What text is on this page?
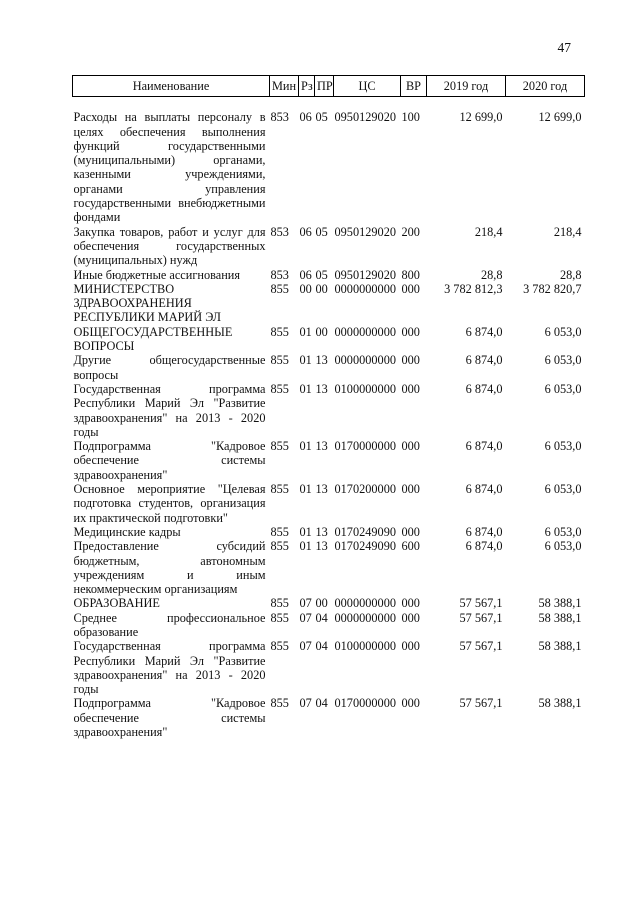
47
Наименование	Мин	Рз	ПР	ЦС	ВР	2019 год	2020 год
Расходы на выплаты персоналу в целях обеспечения выполнения функций государственными (муниципальными) органами, казенными учреждениями, органами управления государственными внебюджетными фондами	853	06	05	0950129020	100	12 699,0	12 699,0
Закупка товаров, работ и услуг для обеспечения государственных (муниципальных) нужд	853	06	05	0950129020	200	218,4	218,4
Иные бюджетные ассигнования	853	06	05	0950129020	800	28,8	28,8
МИНИСТЕРСТВО ЗДРАВООХРАНЕНИЯ РЕСПУБЛИКИ МАРИЙ ЭЛ	855	00	00	0000000000	000	3 782 812,3	3 782 820,7
ОБЩЕГОСУДАРСТВЕННЫЕ ВОПРОСЫ	855	01	00	0000000000	000	6 874,0	6 053,0
Другие общегосударственные вопросы	855	01	13	0000000000	000	6 874,0	6 053,0
Государственная программа Республики Марий Эл "Развитие здравоохранения" на 2013 - 2020 годы	855	01	13	0100000000	000	6 874,0	6 053,0
Подпрограмма "Кадровое обеспечение системы здравоохранения"	855	01	13	0170000000	000	6 874,0	6 053,0
Основное мероприятие "Целевая подготовка студентов, организация их практической подготовки"	855	01	13	0170200000	000	6 874,0	6 053,0
Медицинские кадры	855	01	13	0170249090	000	6 874,0	6 053,0
Предоставление субсидий бюджетным, автономным учреждениям и иным некоммерческим организациям	855	01	13	0170249090	600	6 874,0	6 053,0
ОБРАЗОВАНИЕ	855	07	00	0000000000	000	57 567,1	58 388,1
Среднее профессиональное образование	855	07	04	0000000000	000	57 567,1	58 388,1
Государственная программа Республики Марий Эл "Развитие здравоохранения" на 2013 - 2020 годы	855	07	04	0100000000	000	57 567,1	58 388,1
Подпрограмма "Кадровое обеспечение системы здравоохранения"	855	07	04	0170000000	000	57 567,1	58 388,1
